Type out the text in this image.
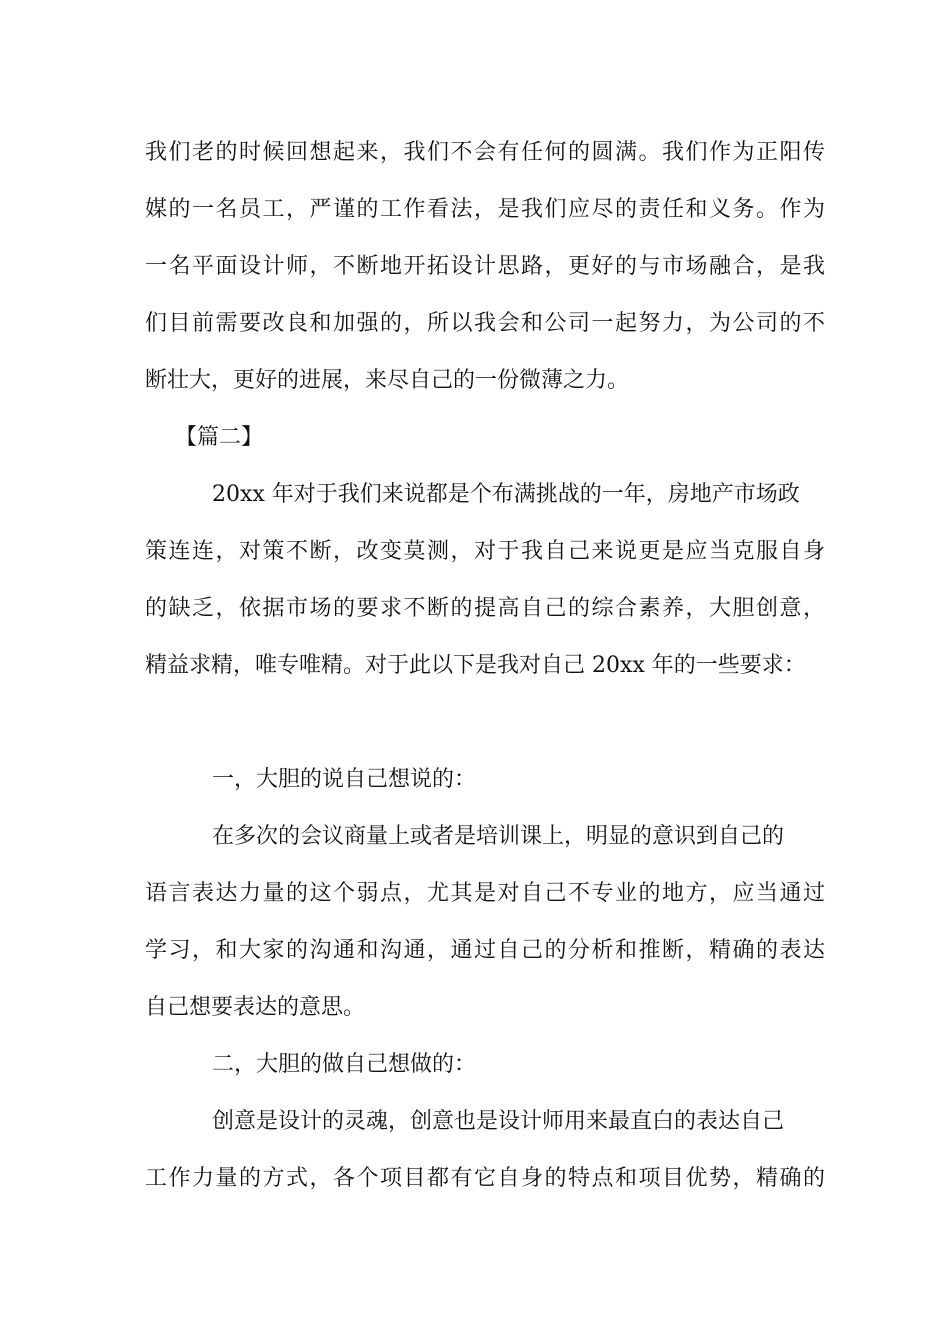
我们老的时候回想起来，我们不会有任何的圆满。我们作为正阳传
媒的一名员工，严谨的工作看法，是我们应尽的责任和义务。作为
一名平面设计师，不断地开拓设计思路，更好的与市场融合，是我
们目前需要改良和加强的，所以我会和公司一起努力，为公司的不
断壮大，更好的进展，来尽自己的一份微薄之力。
【篇二】
20xx 年对于我们来说都是个布满挑战的一年，房地产市场政
策连连，对策不断，改变莫测，对于我自己来说更是应当克服自身
的缺乏，依据市场的要求不断的提高自己的综合素养，大胆创意，
精益求精，唯专唯精。对于此以下是我对自己 20xx 年的一些要求：
一，大胆的说自己想说的：
在多次的会议商量上或者是培训课上，明显的意识到自己的
语言表达力量的这个弱点，尤其是对自己不专业的地方，应当通过
学习，和大家的沟通和沟通，通过自己的分析和推断，精确的表达
自己想要表达的意思。
二，大胆的做自己想做的：
创意是设计的灵魂，创意也是设计师用来最直白的表达自己
工作力量的方式，各个项目都有它自身的特点和项目优势，精确的
